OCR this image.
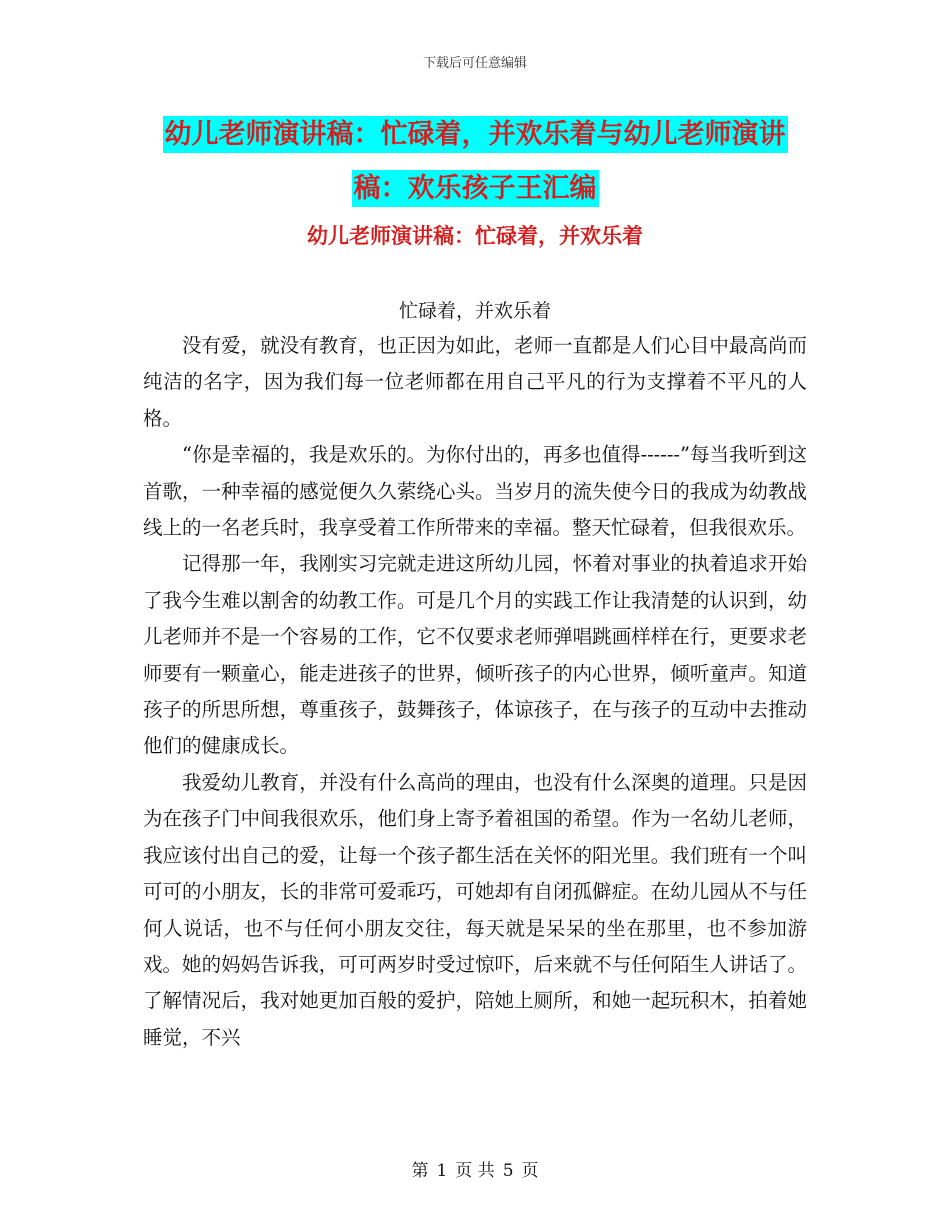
下载后可任意编辑
幼儿老师演讲稿：忙碌着，并欢乐着与幼儿老师演讲
稿：欢乐孩子王汇编
幼儿老师演讲稿：忙碌着，并欢乐着
忙碌着，并欢乐着

没有爱，就没有教育，也正因为如此，老师一直都是人们心目中最高尚而纯洁的名字，因为我们每一位老师都在用自己平凡的行为支撑着不平凡的人格。

“你是幸福的，我是欢乐的。为你付出的，再多也值得------”每当我听到这首歌，一种幸福的感觉便久久萦绕心头。当岁月的流失使今日的我成为幼教战线上的一名老兵时，我享受着工作所带来的幸福。整天忙碌着，但我很欢乐。

记得那一年，我刚实习完就走进这所幼儿园，怀着对事业的执着追求开始了我今生难以割舍的幼教工作。可是几个月的实践工作让我清楚的认识到，幼儿老师并不是一个容易的工作，它不仅要求老师弹唱跳画样样在行，更要求老师要有一颗童心，能走进孩子的世界，倾听孩子的内心世界，倾听童声。知道孩子的所思所想，尊重孩子，鼓舞孩子，体谅孩子，在与孩子的互动中去推动他们的健康成长。

我爱幼儿教育，并没有什么高尚的理由，也没有什么深奥的道理。只是因为在孩子门中间我很欢乐，他们身上寄予着祖国的希望。作为一名幼儿老师，我应该付出自己的爱，让每一个孩子都生活在关怀的阳光里。我们班有一个叫可可的小朋友，长的非常可爱乖巧，可她却有自闭孤僻症。在幼儿园从不与任何人说话，也不与任何小朋友交往，每天就是呆呆的坐在那里，也不参加游戏。她的妈妈告诉我，可可两岁时受过惊吓，后来就不与任何陌生人讲话了。了解情况后，我对她更加百般的爱护，陪她上厕所，和她一起玩积木，拍着她睡觉，不兴

第 1 页 共 5 页
